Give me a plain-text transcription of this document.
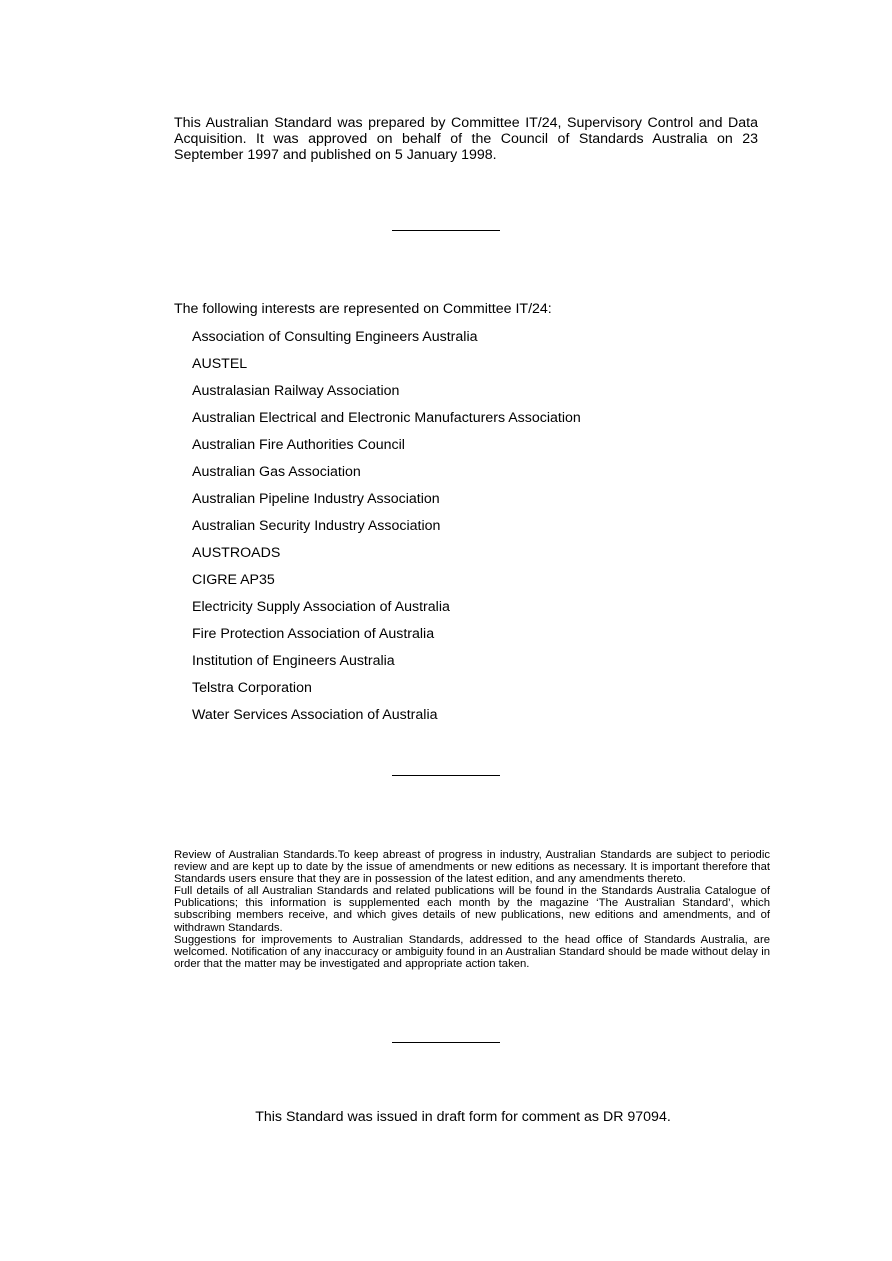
This Australian Standard was prepared by Committee IT/24, Supervisory Control and Data Acquisition. It was approved on behalf of the Council of Standards Australia on 23 September 1997 and published on 5 January 1998.
The following interests are represented on Committee IT/24:
Association of Consulting Engineers Australia
AUSTEL
Australasian Railway Association
Australian Electrical and Electronic Manufacturers Association
Australian Fire Authorities Council
Australian Gas Association
Australian Pipeline Industry Association
Australian Security Industry Association
AUSTROADS
CIGRE AP35
Electricity Supply Association of Australia
Fire Protection Association of Australia
Institution of Engineers Australia
Telstra Corporation
Water Services Association of Australia

Review of Australian Standards.To keep abreast of progress in industry, Australian Standards are subject to periodic review and are kept up to date by the issue of amendments or new editions as necessary. It is important therefore that Standards users ensure that they are in possession of the latest edition, and any amendments thereto.

Full details of all Australian Standards and related publications will be found in the Standards Australia Catalogue of Publications; this information is supplemented each month by the magazine ‘The Australian Standard’, which subscribing members receive, and which gives details of new publications, new editions and amendments, and of withdrawn Standards.

Suggestions for improvements to Australian Standards, addressed to the head office of Standards Australia, are welcomed. Notification of any inaccuracy or ambiguity found in an Australian Standard should be made without delay in order that the matter may be investigated and appropriate action taken.

This Standard was issued in draft form for comment as DR 97094.
